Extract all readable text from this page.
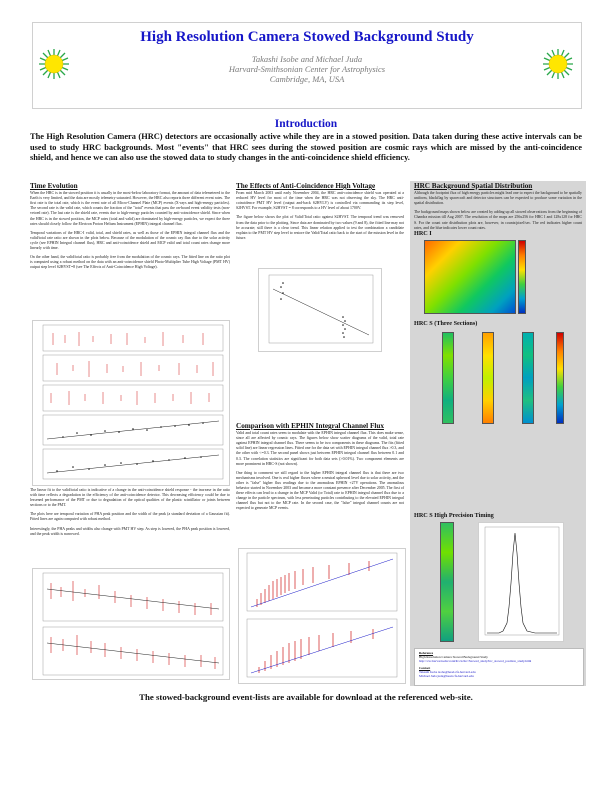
High Resolution Camera Stowed Background Study
Takashi Isobe and Michael Juda
Harvard-Smithsonian Center for Astrophysics
Cambridge, MA, USA
Introduction
The High Resolution Camera (HRC) detectors are occasionally active while they are in a stowed position. Data taken during these active intervals can be used to study HRC backgrounds. Most "events" that HRC sees during the stowed position are cosmic rays which are missed by the anti-coincidence shield, and hence we can also use the stowed data to study changes in the anti-coincidence shield efficiency.
Time Evolution
When the HRC is in the stowed position it is usually in the most-below laboratory format, the amount of data telemetered to the Earth is very limited, and the data are mostly telemetry saturated. However, the HRC also reports three different event rates. The first rate is the total rate, which is the event rate of all Micro-Channel Plate (MCP) events (X-rays and high-energy particles). The second rate is the valid rate, which counts the fraction of the "total" events that pass the on-board event validity tests (non-vetoed rate). The last rate is the shield rate, events due to high-energy particles counted by anti-coincidence shield. Since when the HRC is in the stowed position, the MCP rates (total and valid) are dominated by high-energy particles, we expect the three rates should closely follow the Electron Proton Helium Instrument (EPHIN) integral channel flux.
Temporal variations of the HRC-I valid, total, and shield rates, as well as those of the EPHIN integral channel flux and the valid/total rate ratio are shown in the plots below. Because of the modulation of the cosmic ray flux due to the solar activity cycle (see EPHIN Integral channel flux), HRC and anti-coincidence shield and MCP valid and total count rates change more linearly with time.
On the other hand, the valid/total ratio is probably free from the modulation of the cosmic rays. The fitted line on the ratio plot is computed using a robust method on the data with an anti-coincidence shield Photo-Multiplier Tube High Voltage (PMT HV) output step level S2HVST=8 (see The Effects of Anti-Coincidence High Voltage).
The linear fit to the valid/total ratio is indicative of a change in the anti-coincidence shield response - the increase in the ratio with time reflects a degradation in the efficiency of the anti-coincidence detector. This decreasing efficiency could be due to lessened performance of the PMT or due to degradation of the optical qualities of the plastic scintillator or joints between sections or to the PMT.
The plots here are temporal variation of PHA peak position and the width of the peak (a standard deviation of a Gaussian fit). Fitted lines are again computed with robust method.
Interestingly, the PHA peaks and widths also change with PMT HV step. As step is lowered, the PHA peak position is lowered, and the peak width is narrowed.
The Effects of Anti-Coincidence High Voltage
From mid March 2003 until early November 2004, the HRC anti-coincidence shield was operated at a reduced HV level for most of the time when the HRC was not observing the sky. The HRC anti-coincidence PMT HV level (output and-back S2HVLV) is controlled via commanding its step level, S2HVST. For example, S2HVST = 8 corresponds to a HV level of about 1700V.
The figure below shows the plot of Valid/Total ratio against S2HVST. The temporal trend was removed from the data prior to the plotting. Since data are dominated by two values (9 and 8), the fitted line may not be accurate; still there is a clear trend. This linear relation applied to test the combination a candidate explain to the PMT HV step level to restore the Valid/Total ratio back to the start of the mission level in the future.
Comparison with EPHIN Integral Channel Flux
Valid and total count rates seem to modulate with the EPHIN integral channel flux. This does make sense, since all are affected by cosmic rays. The figures below show scatter diagrams of the valid, total rate against EPHIN integral channel flux. There seems to be two components in these diagrams. The fits (fitted solid line) are linear regression lines. Fitted one for the data set with EPHIN integral channel flux >0.3, and the other with <=0.3. The second panel shows just between EPHIN integral channel flux between 0.1 and 0.3. The correlation statistics are significant for both data sets (>0.01%). Two component elements are more prominent in HRC-S (not shown).
One thing to comment we still regard to the higher EPHIN integral channel flux is that there are two mechanisms involved. One is real higher fluxes where a neutral upheaval level due to solar activity, and the other is "false" higher flux readings due to the anomalous EPHIN +27V operations. The anomalous behavior started in November 2003 and became a more constant presence after December 2005. The first of these effects can lead to a change in the MCP Valid (or Total) rate to EPHIN integral channel flux due to a change in the particle spectrum, with less penetrating particles contributing to the elevated EPHIN integral channel flux but not to the MCP rate. In the second case, the "false" integral channel counts are not expected to generate MCP events.
HRC Background Spatial Distribution
Although the footprint flux of high energy particles might lead one to expect the background to be spatially uniform, blackflag by spacecraft and detector structures can be expected to produce some variation in the spatial distribution.
The background maps shown below are created by adding up all stowed observations from the beginning of Chandra mission till Aug 2007. The resolution of the maps are 256x256 for HRC I and 128x128 for HRC S. For the count rate distribution plots are, however, in counts/pixel/sec. The red indicates higher count rates, and the blue indicates lower count rates.
HRC I
HRC S (Three Sections)
HRC S High Precision Timing
Reference
High Resolution Camera Stowed Background Study
http://cxc.harvard.edu/contrib/cxchrc/Stowed_study/hrc_stowed_position_study.html
Contact
Takashi Isobe isobe@head.cfa.harvard.edu
Michael Juda juda@head.cfa.harvard.edu
The stowed-background event-lists are available for download at the referenced web-site.
